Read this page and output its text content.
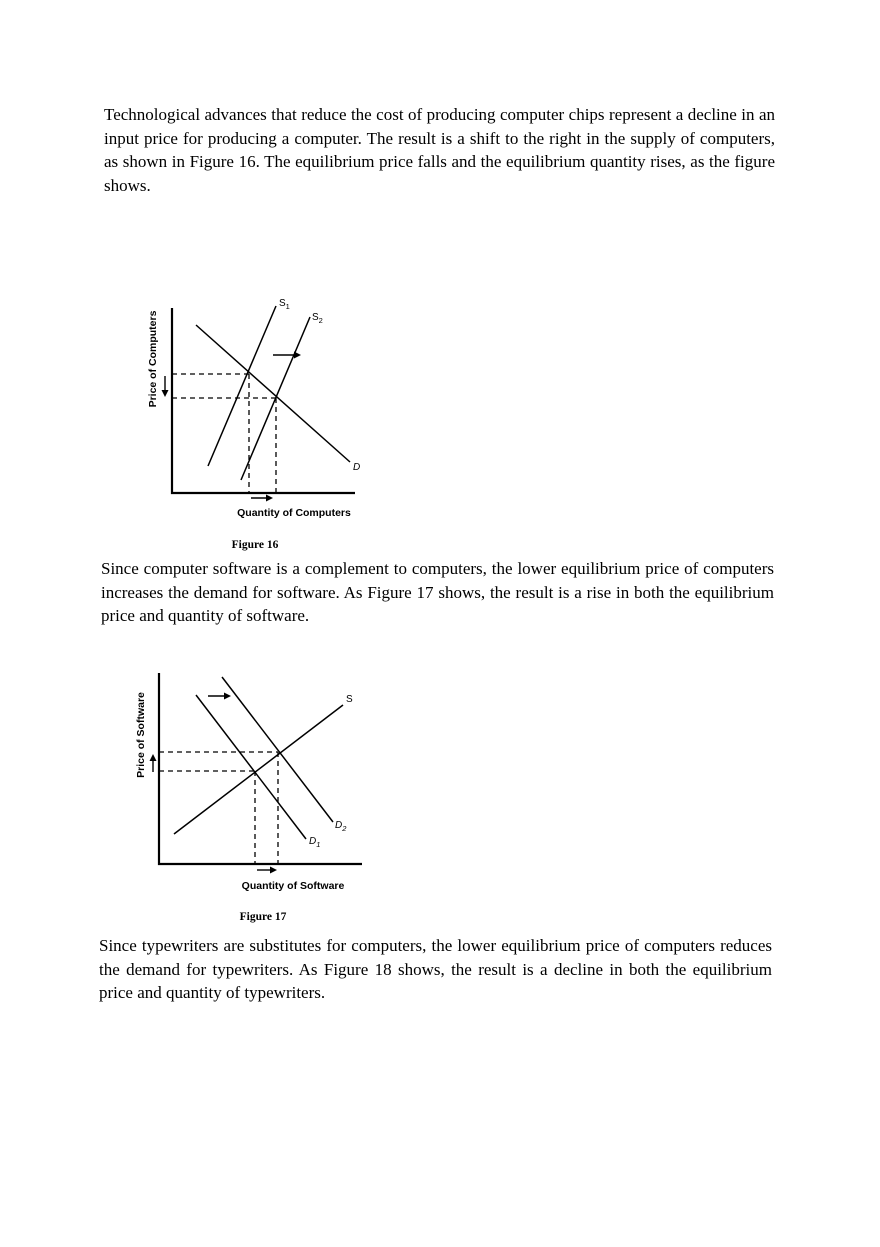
Technological advances that reduce the cost of producing computer chips represent a decline in an input price for producing a computer. The result is a shift to the right in the supply of computers, as shown in Figure 16. The equilibrium price falls and the equilibrium quantity rises, as the figure shows.

Price of Computers
$S_1$
$S_2$
D
Quantity of Computers
Figure 16

Since computer software is a complement to computers, the lower equilibrium price of computers increases the demand for software. As Figure 17 shows, the result is a rise in both the equilibrium price and quantity of software.

Price of Software	S
$D_2$
$D_1$
Quantity of Software
Figure 17

Since typewriters are substitutes for computers, the lower equilibrium price of computers reduces the demand for typewriters. As Figure 18 shows, the result is a decline in both the equilibrium price and quantity of typewriters.
